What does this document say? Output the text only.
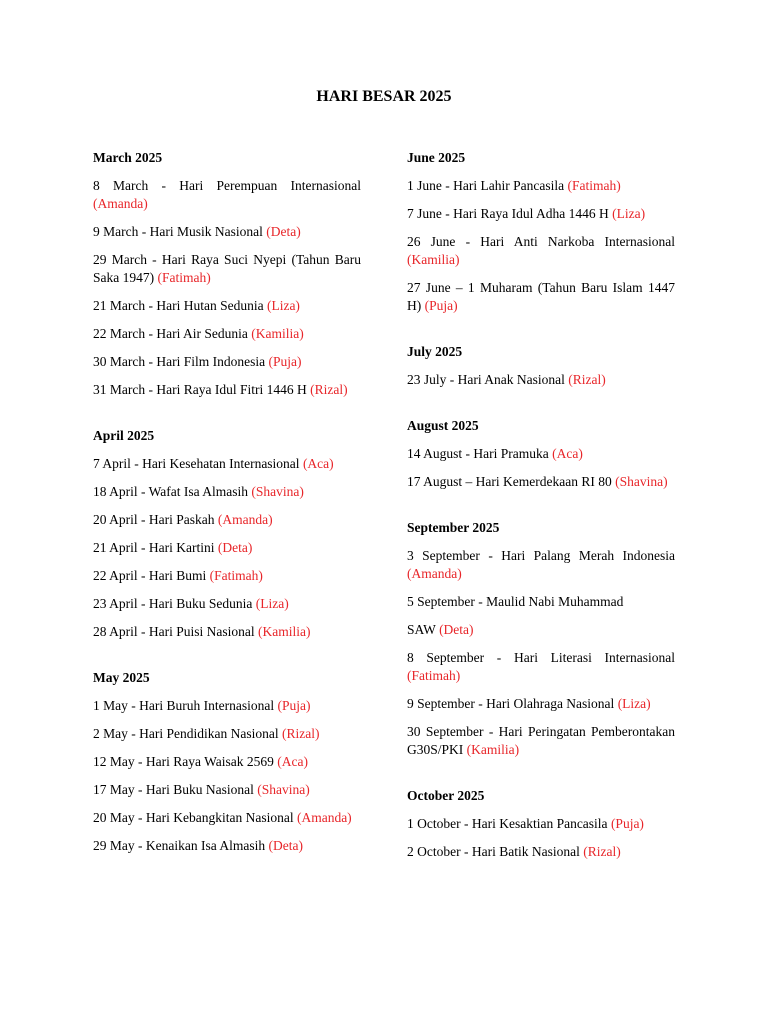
HARI BESAR 2025
March 2025
8 March - Hari Perempuan Internasional (Amanda)
9 March - Hari Musik Nasional (Deta)
29 March - Hari Raya Suci Nyepi (Tahun Baru Saka 1947) (Fatimah)
21 March - Hari Hutan Sedunia (Liza)
22 March - Hari Air Sedunia (Kamilia)
30 March - Hari Film Indonesia (Puja)
31 March - Hari Raya Idul Fitri 1446 H (Rizal)
April 2025
7 April - Hari Kesehatan Internasional (Aca)
18 April - Wafat Isa Almasih (Shavina)
20 April - Hari Paskah (Amanda)
21 April - Hari Kartini (Deta)
22 April - Hari Bumi (Fatimah)
23 April - Hari Buku Sedunia (Liza)
28 April - Hari Puisi Nasional (Kamilia)
May 2025
1 May - Hari Buruh Internasional (Puja)
2 May - Hari Pendidikan Nasional (Rizal)
12 May - Hari Raya Waisak 2569 (Aca)
17 May - Hari Buku Nasional (Shavina)
20 May - Hari Kebangkitan Nasional (Amanda)
29 May - Kenaikan Isa Almasih (Deta)
June 2025
1 June - Hari Lahir Pancasila (Fatimah)
7 June - Hari Raya Idul Adha 1446 H (Liza)
26 June - Hari Anti Narkoba Internasional (Kamilia)
27 June – 1 Muharam (Tahun Baru Islam 1447 H) (Puja)
July 2025
23 July - Hari Anak Nasional (Rizal)
August 2025
14 August - Hari Pramuka (Aca)
17 August – Hari Kemerdekaan RI 80 (Shavina)
September 2025
3 September - Hari Palang Merah Indonesia (Amanda)
5 September - Maulid Nabi Muhammad
SAW (Deta)
8 September - Hari Literasi Internasional (Fatimah)
9 September - Hari Olahraga Nasional (Liza)
30 September - Hari Peringatan Pemberontakan G30S/PKI (Kamilia)
October 2025
1 October - Hari Kesaktian Pancasila (Puja)
2 October - Hari Batik Nasional (Rizal)
